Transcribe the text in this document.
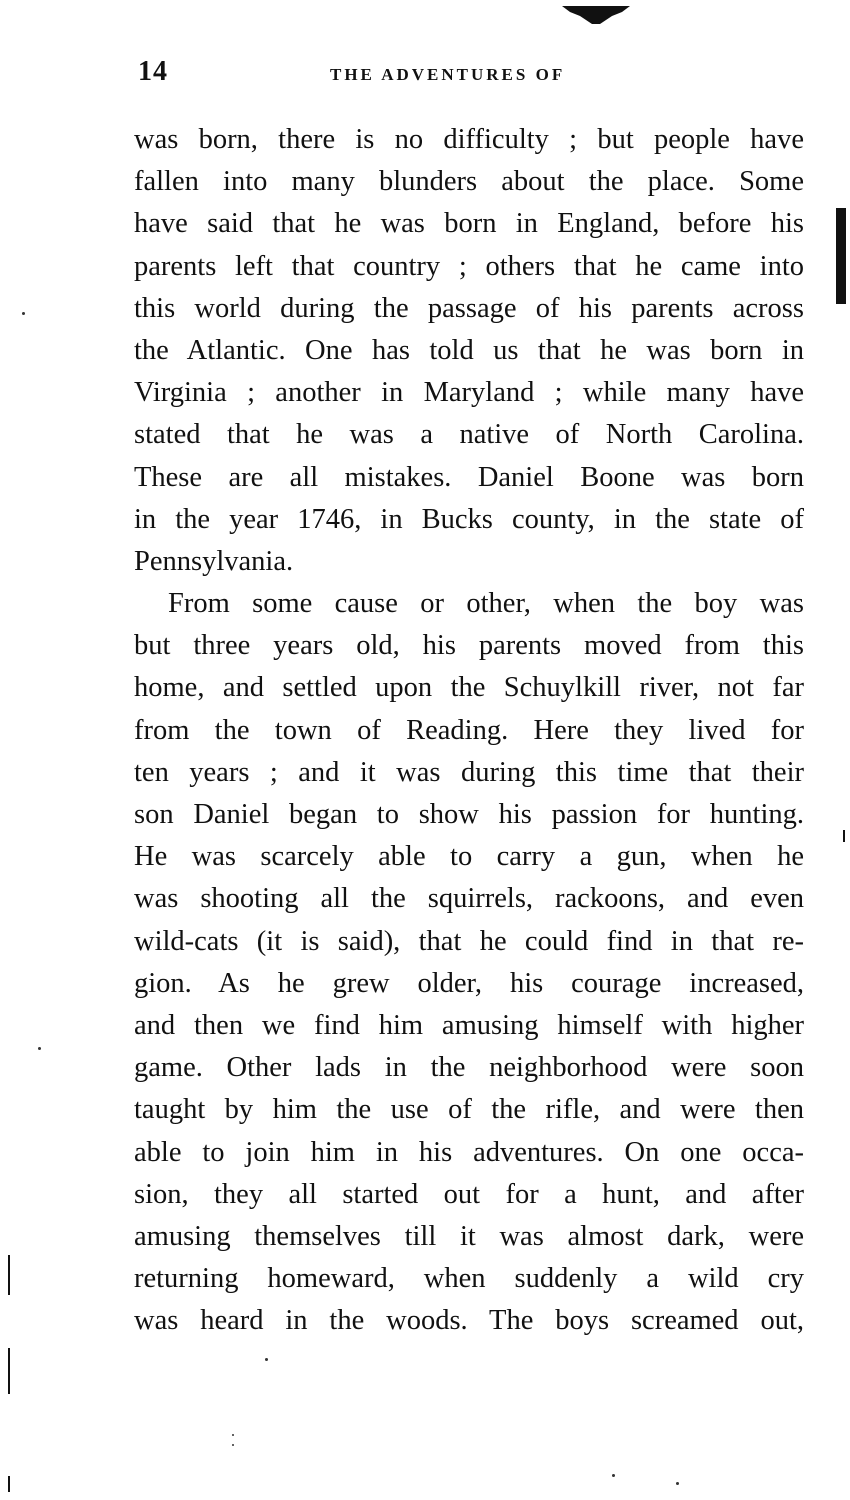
14	THE ADVENTURES OF
was born, there is no difficulty ; but people have
fallen into many blunders about the place. Some
have said that he was born in England, before his
parents left that country ; others that he came into
this world during the passage of his parents across
the Atlantic. One has told us that he was born in
Virginia ; another in Maryland ; while many have
stated that he was a native of North Carolina.
These are all mistakes. Daniel Boone was born
in the year 1746, in Bucks county, in the state of
Pennsylvania.
From some cause or other, when the boy was
but three years old, his parents moved from this
home, and settled upon the Schuylkill river, not far
from the town of Reading. Here they lived for
ten years ; and it was during this time that their
son Daniel began to show his passion for hunting.
He was scarcely able to carry a gun, when he
was shooting all the squirrels, rackoons, and even
wild-cats (it is said), that he could find in that re-
gion. As he grew older, his courage increased,
and then we find him amusing himself with higher
game. Other lads in the neighborhood were soon
taught by him the use of the rifle, and were then
able to join him in his adventures. On one occa-
sion, they all started out for a hunt, and after
amusing themselves till it was almost dark, were
returning homeward, when suddenly a wild cry
was heard in the woods. The boys screamed out,
